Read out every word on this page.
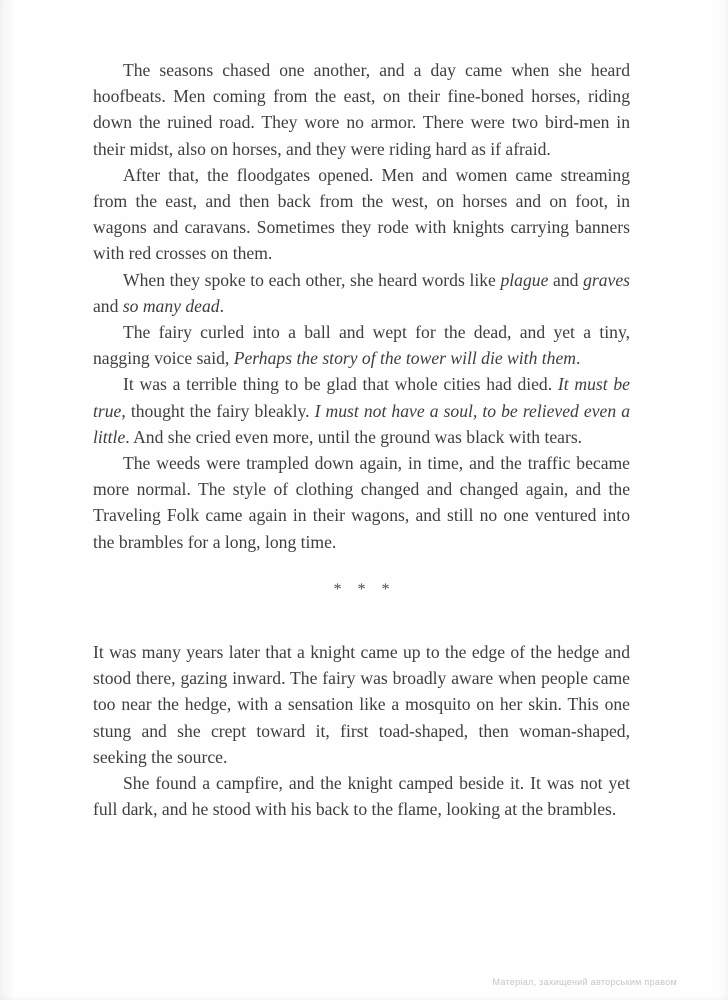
The seasons chased one another, and a day came when she heard hoofbeats. Men coming from the east, on their fine-boned horses, riding down the ruined road. They wore no armor. There were two bird-men in their midst, also on horses, and they were riding hard as if afraid.

After that, the floodgates opened. Men and women came streaming from the east, and then back from the west, on horses and on foot, in wagons and caravans. Sometimes they rode with knights carrying banners with red crosses on them.

When they spoke to each other, she heard words like plague and graves and so many dead.

The fairy curled into a ball and wept for the dead, and yet a tiny, nagging voice said, Perhaps the story of the tower will die with them.

It was a terrible thing to be glad that whole cities had died. It must be true, thought the fairy bleakly. I must not have a soul, to be relieved even a little. And she cried even more, until the ground was black with tears.

The weeds were trampled down again, in time, and the traffic became more normal. The style of clothing changed and changed again, and the Traveling Folk came again in their wagons, and still no one ventured into the brambles for a long, long time.

* * *

It was many years later that a knight came up to the edge of the hedge and stood there, gazing inward. The fairy was broadly aware when people came too near the hedge, with a sensation like a mosquito on her skin. This one stung and she crept toward it, first toad-shaped, then woman-shaped, seeking the source.

She found a campfire, and the knight camped beside it. It was not yet full dark, and he stood with his back to the flame, looking at the brambles.

Матеріал, захищений авторським правом
